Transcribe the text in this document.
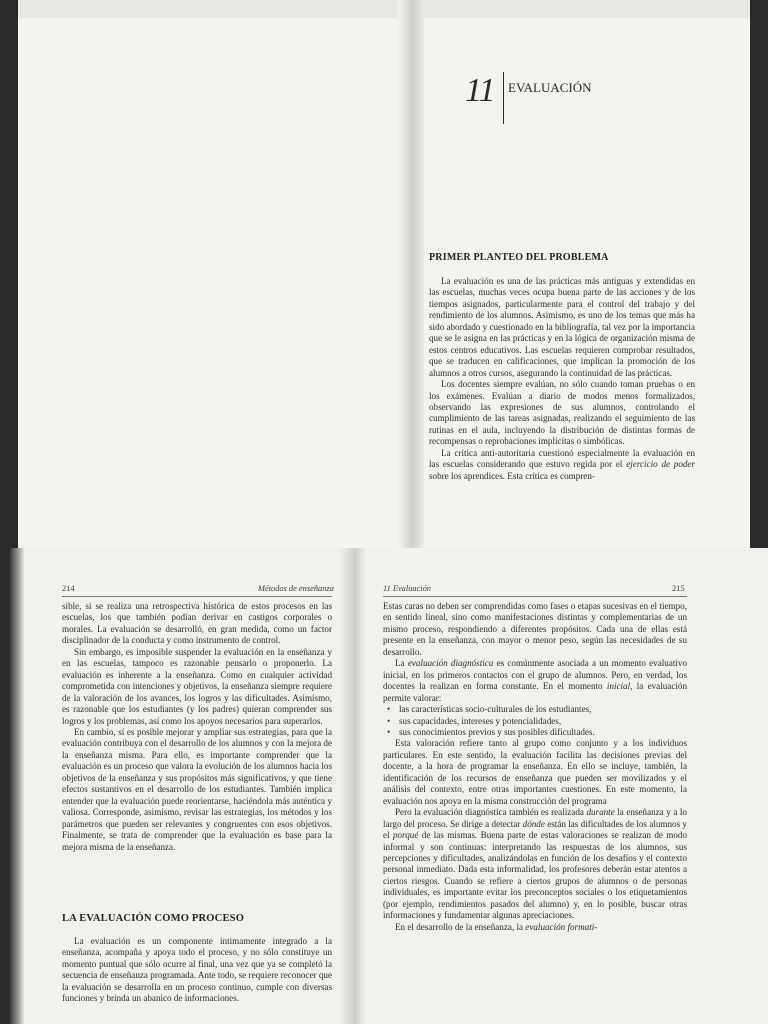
11 EVALUACIÓN
PRIMER PLANTEO DEL PROBLEMA

La evaluación es una de las prácticas más antiguas y extendidas en las escuelas, muchas veces ocupa buena parte de las acciones y de los tiempos asignados, particularmente para el control del trabajo y del rendimiento de los alumnos. Asimismo, es uno de los temas que más ha sido abordado y cuestionado en la bibliografía, tal vez por la importancia que se le asigna en las prácticas y en la lógica de organización misma de estos centros educativos. Las escuelas requieren comprobar resultados, que se traducen en calificaciones, que implican la promoción de los alumnos a otros cursos, asegurando la continuidad de las prácticas.

Los docentes siempre evalúan, no sólo cuando toman pruebas o en los exámenes. Evalúan a diario de modos menos formalizados, observando las expresiones de sus alumnos, controlando el cumplimiento de las tareas asignadas, realizando el seguimiento de las rutinas en el aula, incluyendo la distribución de distintas formas de recompensas o reprobaciones implícitas o simbólicas.

La crítica anti-autoritaria cuestionó especialmente la evaluación en las escuelas considerando que estuvo regida por el ejercicio de poder sobre los aprendices. Esta crítica es compren-

214	Métodos de enseñanza

sible, si se realiza una retrospectiva histórica de estos procesos en las escuelas, los que también podían derivar en castigos corporales o morales. La evaluación se desarrolló, en gran medida, como un factor disciplinador de la conducta y como instrumento de control.

Sin embargo, es imposible suspender la evaluación en la enseñanza y en las escuelas, tampoco es razonable pensarlo o proponerlo. La evaluación es inherente a la enseñanza. Como en cualquier actividad comprometida con intenciones y objetivos, la enseñanza siempre requiere de la valoración de los avances, los logros y las dificultades. Asimismo, es razonable que los estudiantes (y los padres) quieran comprender sus logros y los problemas, así como los apoyos necesarios para superarlos.

En cambio, sí es posible mejorar y ampliar sus estrategias, para que la evaluación contribuya con el desarrollo de los alumnos y con la mejora de la enseñanza misma. Para ello, es importante comprender que la evaluación es un proceso que valora la evolución de los alumnos hacia los objetivos de la enseñanza y sus propósitos más significativos, y que tiene efectos sustantivos en el desarrollo de los estudiantes. También implica entender que la evaluación puede reorientarse, haciéndola más auténtica y valiosa. Corresponde, asimismo, revisar las estrategias, los métodos y los parámetros que pueden ser relevantes y congruentes con esos objetivos. Finalmente, se trata de comprender que la evaluación es base para la mejora misma de la enseñanza.

LA EVALUACIÓN COMO PROCESO

La evaluación es un componente íntimamente integrado a la enseñanza, acompaña y apoya todo el proceso, y no sólo constituye un momento puntual que sólo ocurre al final, una vez que ya se completó la secuencia de enseñanza programada. Ante todo, se requiere reconocer que la evaluación se desarrolla en un proceso continuo, cumple con diversas funciones y brinda un abanico de informaciones.

11 Evaluación	215

Estas caras no deben ser comprendidas como fases o etapas sucesivas en el tiempo, en sentido lineal, sino como manifestaciones distintas y complementarias de un mismo proceso, respondiendo a diferentes propósitos. Cada una de ellas está presente en la enseñanza, con mayor o menor peso, según las necesidades de su desarrollo.

La evaluación diagnóstica es comúnmente asociada a un momento evaluativo inicial, en los primeros contactos con el grupo de alumnos. Pero, en verdad, los docentes la realizan en forma constante. En el momento inicial, la evaluación permite valorar:

• las características socio-culturales de los estudiantes,
• sus capacidades, intereses y potencialidades,
• sus conocimientos previos y sus posibles dificultades.

Esta valoración refiere tanto al grupo como conjunto y a los individuos particulares. En este sentido, la evaluación facilita las decisiones previas del docente, a la hora de programar la enseñanza. En ello se incluye, también, la identificación de los recursos de enseñanza que pueden ser movilizados y el análisis del contexto, entre otras importantes cuestiones. En este momento, la evaluación nos apoya en la misma construcción del programa

Pero la evaluación diagnóstica también es realizada durante la enseñanza y a lo largo del proceso. Se dirige a detectar dónde están las dificultades de los alumnos y el porqué de las mismas. Buena parte de estas valoraciones se realizan de modo informal y son continuas: interpretando las respuestas de los alumnos, sus percepciones y dificultades, analizándolas en función de los desafíos y el contexto personal inmediato. Dada esta informalidad, los profesores deberán estar atentos a ciertos riesgos. Cuando se refiere a ciertos grupos de alumnos o de personas individuales, es importante evitar los preconceptos sociales o los etiquetamientos (por ejemplo, rendimientos pasados del alumno) y, en lo posible, buscar otras informaciones y fundamentar algunas apreciaciones.

En el desarrollo de la enseñanza, la evaluación formati-
